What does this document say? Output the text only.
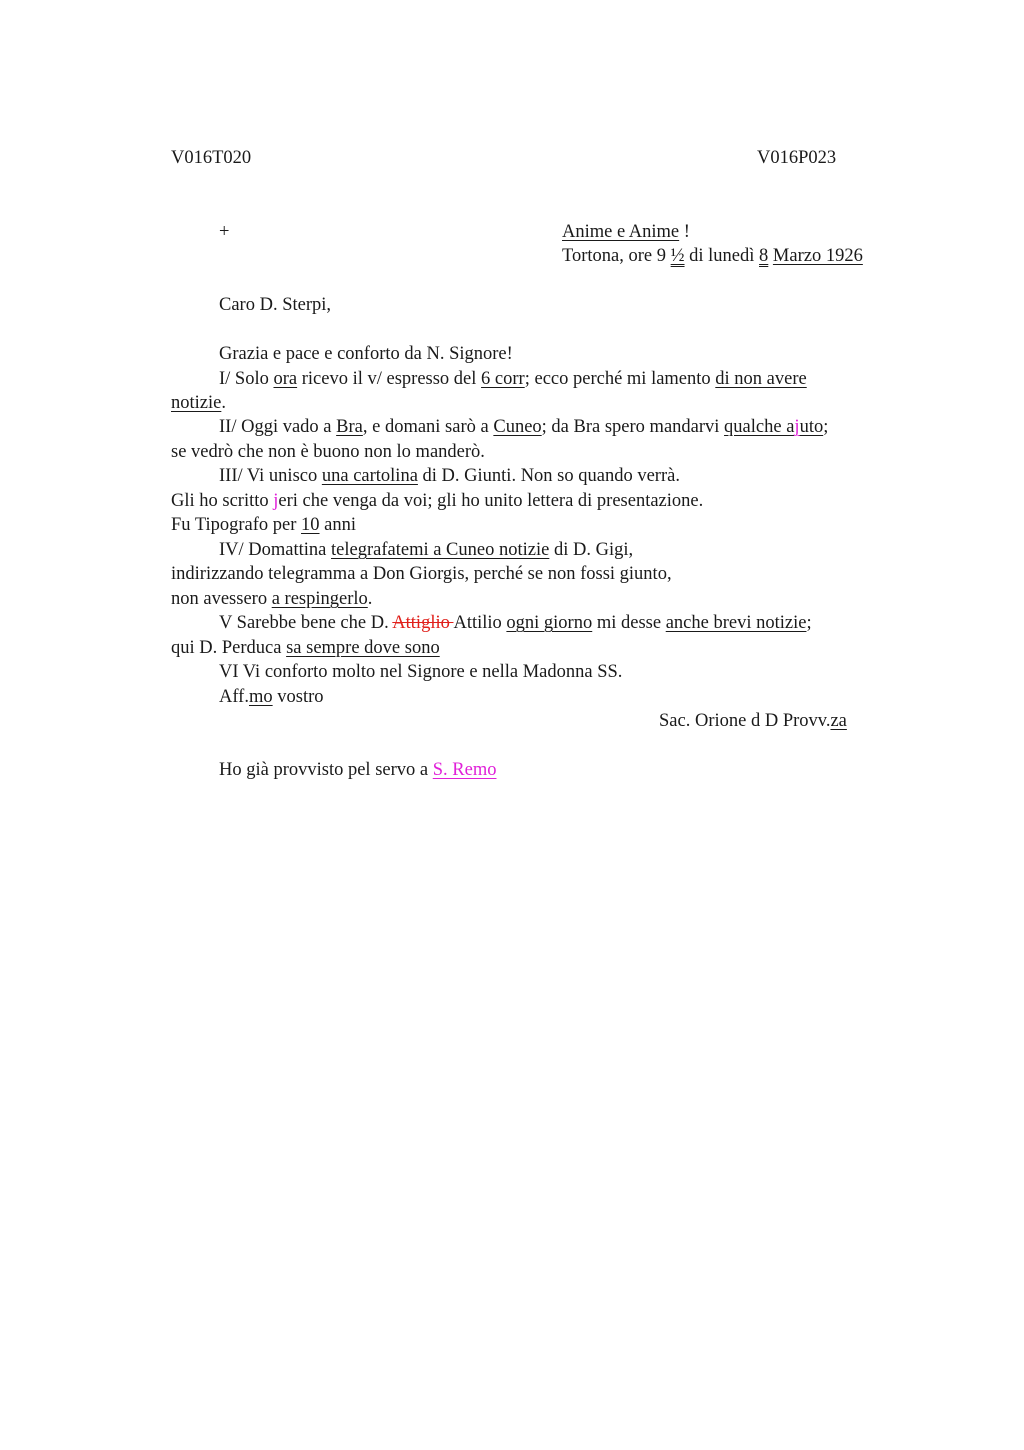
V016T020	V016P023
+	Anime e Anime !
Tortona, ore 9 ½ di lunedì 8 Marzo 1926
Caro D. Sterpi,
Grazia e pace e conforto da N. Signore!
I/ Solo ora ricevo il v/ espresso del 6 corr; ecco perché mi lamento di non avere
notizie.
II/ Oggi vado a Bra, e domani sarò a Cuneo; da Bra spero mandarvi qualche ajuto;
se vedrò che non è buono non lo manderò.
III/ Vi unisco una cartolina di D. Giunti. Non so quando verrà.
Gli ho scritto jeri che venga da voi; gli ho unito lettera di presentazione.
Fu Tipografo per 10 anni
IV/ Domattina telegrafatemi a Cuneo notizie di D. Gigi,
indirizzando telegramma a Don Giorgis, perché se non fossi giunto,
non avessero a respingerlo.
V Sarebbe bene che D. Attiglio Attilio ogni giorno mi desse anche brevi notizie;
qui D. Perduca sa sempre dove sono
VI Vi conforto molto nel Signore e nella Madonna SS.
Aff.mo vostro
Sac. Orione d D Provv.za
Ho già provvisto pel servo a S. Remo
